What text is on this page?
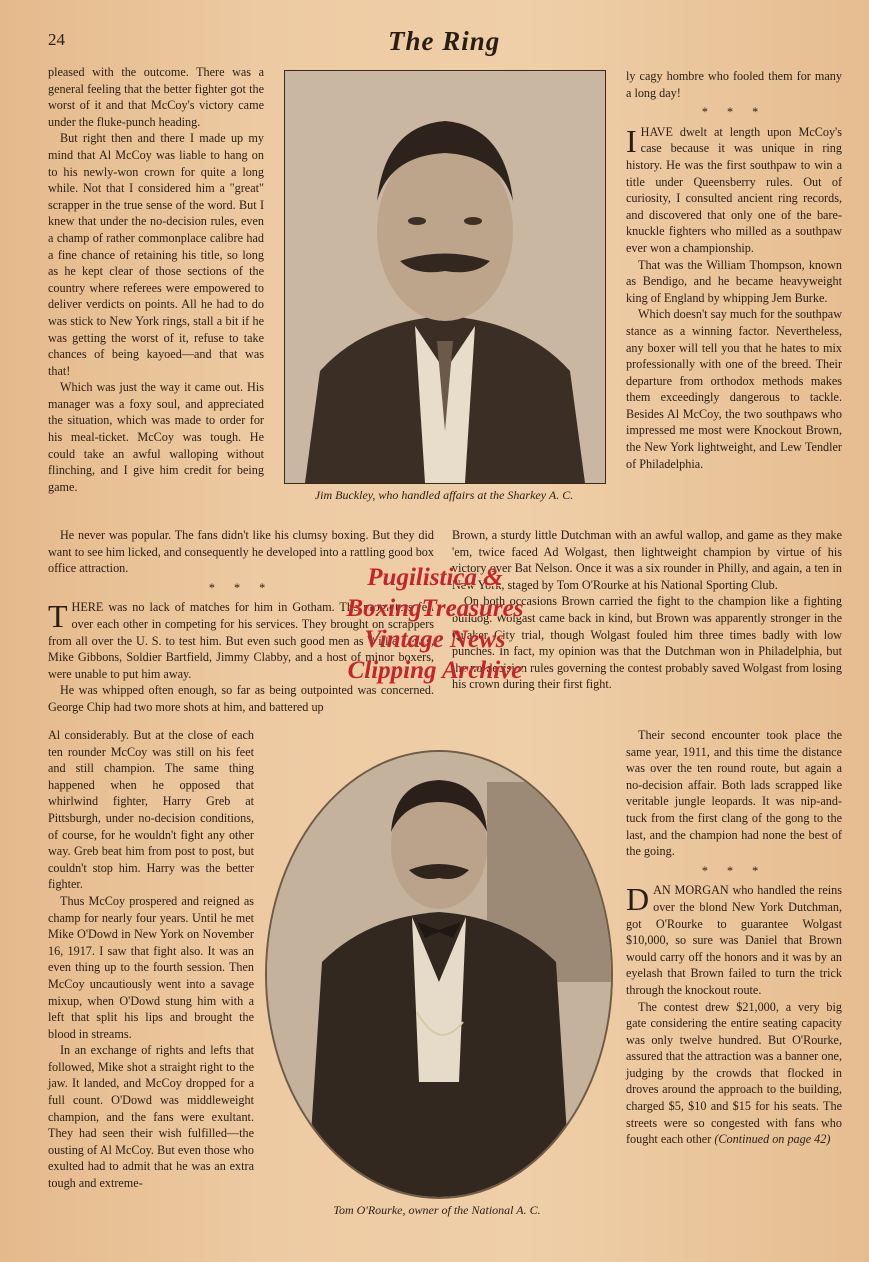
24	The Ring

pleased with the outcome. There was a general feeling that the better fighter got the worst of it and that McCoy's victory came under the fluke-punch heading.

But right then and there I made up my mind that Al McCoy was liable to hang on to his newly-won crown for quite a long while. Not that I considered him a "great" scrapper in the true sense of the word. But I knew that under the no-decision rules, even a champ of rather commonplace calibre had a fine chance of retaining his title, so long as he kept clear of those sections of the country where referees were empowered to deliver verdicts on points. All he had to do was stick to New York rings, stall a bit if he was getting the worst of it, refuse to take chances of being kayoed—and that was that!

Which was just the way it came out. His manager was a foxy soul, and appreciated the situation, which was made to order for his meal-ticket. McCoy was tough. He could take an awful walloping without flinching, and I give him credit for being game.

Jim Buckley, who handled affairs at the Sharkey A. C.

ly cagy hombre who fooled them for many a long day!

* * *

IHAVE dwelt at length upon McCoy's case because it was unique in ring history. He was the first southpaw to win a title under Queensberry rules. Out of curiosity, I consulted ancient ring records, and discovered that only one of the bare-knuckle fighters who milled as a southpaw ever won a championship.

That was the William Thompson, known as Bendigo, and he became heavyweight king of England by whipping Jem Burke.

Which doesn't say much for the southpaw stance as a winning factor. Nevertheless, any boxer will tell you that he hates to mix professionally with one of the breed. Their departure from orthodox methods makes them exceedingly dangerous to tackle. Besides Al McCoy, the two southpaws who impressed me most were Knockout Brown, the New York lightweight, and Lew Tendler of Philadelphia.

He never was popular. The fans didn't like his clumsy boxing. But they did want to see him licked, and consequently he developed into a rattling good box office attraction.

* * *

THERE was no lack of matches for him in Gotham. The promoters fell over each other in competing for his services. They brought on scrappers from all over the U. S. to test him. But even such good men as Willie Lewis, Mike Gibbons, Soldier Bartfield, Jimmy Clabby, and a host of minor boxers, were unable to put him away.

He was whipped often enough, so far as being outpointed was concerned. George Chip had two more shots at him, and battered up

Brown, a sturdy little Dutchman with an awful wallop, and game as they make 'em, twice faced Ad Wolgast, then lightweight champion by virtue of his victory over Bat Nelson. Once it was a six rounder in Philly, and again, a ten in New York, staged by Tom O'Rourke at his National Sporting Club.

On both occasions Brown carried the fight to the champion like a fighting bulldog. Wolgast came back in kind, but Brown was apparently stronger in the Quaker City trial, though Wolgast fouled him three times badly with low punches. In fact, my opinion was that the Dutchman won in Philadelphia, but the no-decision rules governing the contest probably saved Wolgast from losing his crown during their first fight.

Al considerably. But at the close of each ten rounder McCoy was still on his feet and still champion. The same thing happened when he opposed that whirlwind fighter, Harry Greb at Pittsburgh, under no-decision conditions, of course, for he wouldn't fight any other way. Greb beat him from post to post, but couldn't stop him. Harry was the better fighter.

Thus McCoy prospered and reigned as champ for nearly four years. Until he met Mike O'Dowd in New York on November 16, 1917. I saw that fight also. It was an even thing up to the fourth session. Then McCoy uncautiously went into a savage mixup, when O'Dowd stung him with a left that split his lips and brought the blood in streams.

In an exchange of rights and lefts that followed, Mike shot a straight right to the jaw. It landed, and McCoy dropped for a full count. O'Dowd was middleweight champion, and the fans were exultant. They had seen their wish fulfilled—the ousting of Al McCoy. But even those who exulted had to admit that he was an extra tough and extreme-

Tom O'Rourke, owner of the National A. C.

Their second encounter took place the same year, 1911, and this time the distance was over the ten round route, but again a no-decision affair. Both lads scrapped like veritable jungle leopards. It was nip-and-tuck from the first clang of the gong to the last, and the champion had none the best of the going.

* * *

DAN MORGAN who handled the reins over the blond New York Dutchman, got O'Rourke to guarantee Wolgast $10,000, so sure was Daniel that Brown would carry off the honors and it was by an eyelash that Brown failed to turn the trick through the knockout route.

The contest drew $21,000, a very big gate considering the entire seating capacity was only twelve hundred. But O'Rourke, assured that the attraction was a banner one, judging by the crowds that flocked in droves around the approach to the building, charged $5, $10 and $15 for his seats. The streets were so congested with fans who fought each other (Continued on page 42)

Pugilistica &
BoxingTreasures
Vintage News
Clipping Archive
